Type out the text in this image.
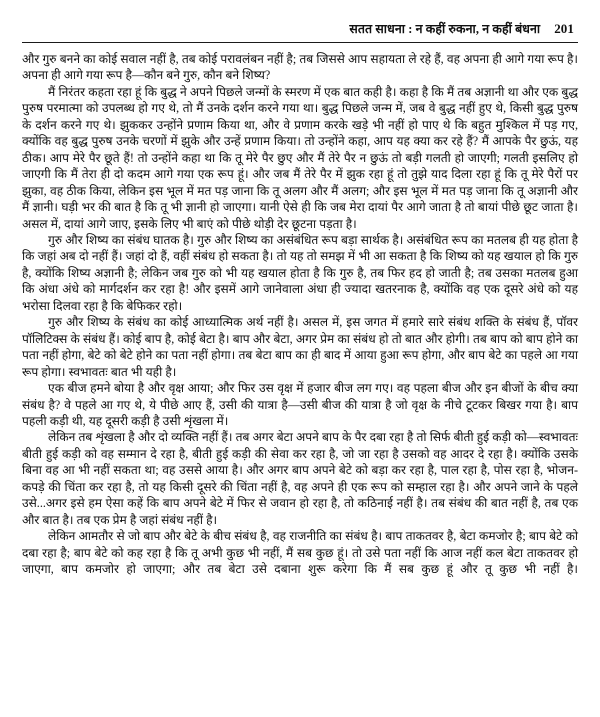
सतत साधना : न कहीं रुकना, न कहीं बंधना 201

और गुरु बनने का कोई सवाल नहीं है, तब कोई परावलंबन नहीं है; तब जिससे आप सहायता ले रहे हैं, वह अपना ही आगे गया रूप है। अपना ही आगे गया रूप है—कौन बने गुरु, कौन बने शिष्य?

मैं निरंतर कहता रहा हूं कि बुद्ध ने अपने पिछले जन्मों के स्मरण में एक बात कही है। कहा है कि मैं तब अज्ञानी था और एक बुद्ध पुरुष परमात्मा को उपलब्ध हो गए थे, तो मैं उनके दर्शन करने गया था। बुद्ध पिछले जन्म में, जब वे बुद्ध नहीं हुए थे, किसी बुद्ध पुरुष के दर्शन करने गए थे। झुककर उन्होंने प्रणाम किया था, और वे प्रणाम करके खड़े भी नहीं हो पाए थे कि बहुत मुश्किल में पड़ गए, क्योंकि वह बुद्ध पुरुष उनके चरणों में झुके और उन्हें प्रणाम किया। तो उन्होंने कहा, आप यह क्या कर रहे हैं? मैं आपके पैर छुऊं, यह ठीक। आप मेरे पैर छूते हैं! तो उन्होंने कहा था कि तू मेरे पैर छुए और मैं तेरे पैर न छुऊं तो बड़ी गलती हो जाएगी; गलती इसलिए हो जाएगी कि मैं तेरा ही दो कदम आगे गया एक रूप हूं। और जब मैं तेरे पैर में झुक रहा हूं तो तुझे याद दिला रहा हूं कि तू मेरे पैरों पर झुका, वह ठीक किया, लेकिन इस भूल में मत पड़ जाना कि तू अलग और मैं अलग; और इस भूल में मत पड़ जाना कि तू अज्ञानी और मैं ज्ञानी। घड़ी भर की बात है कि तू भी ज्ञानी हो जाएगा। यानी ऐसे ही कि जब मेरा दायां पैर आगे जाता है तो बायां पीछे छूट जाता है। असल में, दायां आगे जाए, इसके लिए भी बाएं को पीछे थोड़ी देर छूटना पड़ता है।

गुरु और शिष्य का संबंध घातक है। गुरु और शिष्य का असंबंधित रूप बड़ा सार्थक है। असंबंधित रूप का मतलब ही यह होता है कि जहां अब दो नहीं हैं। जहां दो हैं, वहीं संबंध हो सकता है। तो यह तो समझ में भी आ सकता है कि शिष्य को यह खयाल हो कि गुरु है, क्योंकि शिष्य अज्ञानी है; लेकिन जब गुरु को भी यह खयाल होता है कि गुरु है, तब फिर हद हो जाती है; तब उसका मतलब हुआ कि अंधा अंधे को मार्गदर्शन कर रहा है! और इसमें आगे जानेवाला अंधा ही ज्यादा खतरनाक है, क्योंकि वह एक दूसरे अंधे को यह भरोसा दिलवा रहा है कि बेफिकर रहो।

गुरु और शिष्य के संबंध का कोई आध्यात्मिक अर्थ नहीं है। असल में, इस जगत में हमारे सारे संबंध शक्ति के संबंध हैं, पॉवर पॉलिटिक्स के संबंध हैं। कोई बाप है, कोई बेटा है। बाप और बेटा, अगर प्रेम का संबंध हो तो बात और होगी। तब बाप को बाप होने का पता नहीं होगा, बेटे को बेटे होने का पता नहीं होगा। तब बेटा बाप का ही बाद में आया हुआ रूप होगा, और बाप बेटे का पहले आ गया रूप होगा। स्वभावतः बात भी यही है।

एक बीज हमने बोया है और वृक्ष आया; और फिर उस वृक्ष में हजार बीज लग गए। वह पहला बीज और इन बीजों के बीच क्या संबंध है? वे पहले आ गए थे, ये पीछे आए हैं, उसी की यात्रा है—उसी बीज की यात्रा है जो वृक्ष के नीचे टूटकर बिखर गया है। बाप पहली कड़ी थी, यह दूसरी कड़ी है उसी शृंखला में।

लेकिन तब शृंखला है और दो व्यक्ति नहीं हैं। तब अगर बेटा अपने बाप के पैर दबा रहा है तो सिर्फ बीती हुई कड़ी को—स्वभावतः बीती हुई कड़ी को वह सम्मान दे रहा है, बीती हुई कड़ी की सेवा कर रहा है, जो जा रहा है उसको वह आदर दे रहा है। क्योंकि उसके बिना वह आ भी नहीं सकता था; वह उससे आया है। और अगर बाप अपने बेटे को बड़ा कर रहा है, पाल रहा है, पोस रहा है, भोजन-कपड़े की चिंता कर रहा है, तो यह किसी दूसरे की चिंता नहीं है, वह अपने ही एक रूप को सम्हाल रहा है। और अपने जाने के पहले उसे...अगर इसे हम ऐसा कहें कि बाप अपने बेटे में फिर से जवान हो रहा है, तो कठिनाई नहीं है। तब संबंध की बात नहीं है, तब एक और बात है। तब एक प्रेम है जहां संबंध नहीं है।

लेकिन आमतौर से जो बाप और बेटे के बीच संबंध है, वह राजनीति का संबंध है। बाप ताकतवर है, बेटा कमजोर है; बाप बेटे को दबा रहा है; बाप बेटे को कह रहा है कि तू अभी कुछ भी नहीं, मैं सब कुछ हूं। तो उसे पता नहीं कि आज नहीं कल बेटा ताकतवर हो जाएगा, बाप कमजोर हो जाएगा; और तब बेटा उसे दबाना शुरू करेगा कि मैं सब कुछ हूं और तू कुछ भी नहीं है।
